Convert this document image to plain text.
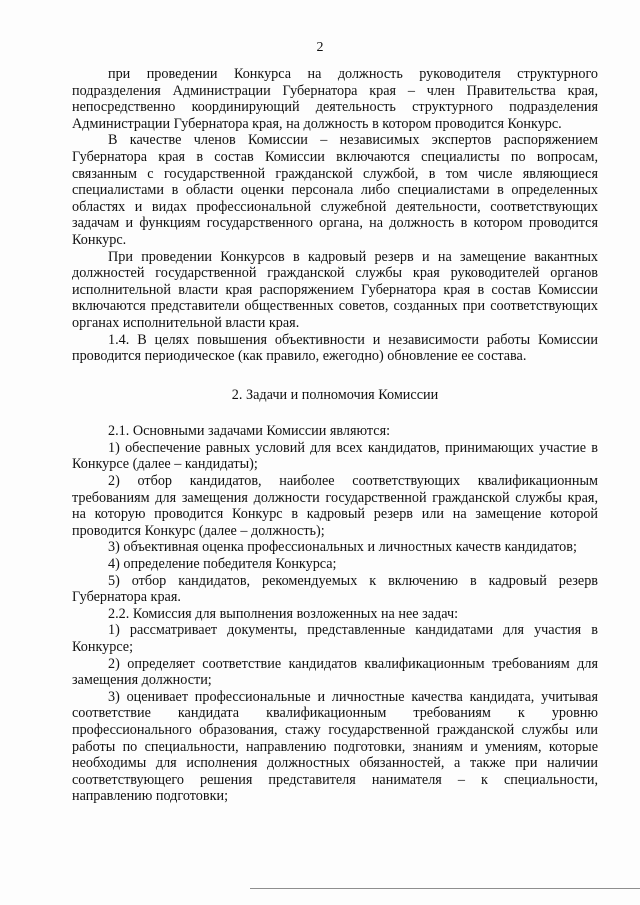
2

при проведении Конкурса на должность руководителя структурного подразделения Администрации Губернатора края – член Правительства края, непосредственно координирующий деятельность структурного подразделения Администрации Губернатора края, на должность в котором проводится Конкурс.

В качестве членов Комиссии – независимых экспертов распоряжением Губернатора края в состав Комиссии включаются специалисты по вопросам, связанным с государственной гражданской службой, в том числе являющиеся специалистами в области оценки персонала либо специалистами в определенных областях и видах профессиональной служебной деятельности, соответствующих задачам и функциям государственного органа, на должность в котором проводится Конкурс.

При проведении Конкурсов в кадровый резерв и на замещение вакантных должностей государственной гражданской службы края руководителей органов исполнительной власти края распоряжением Губернатора края в состав Комиссии включаются представители общественных советов, созданных при соответствующих органах исполнительной власти края.

1.4. В целях повышения объективности и независимости работы Комиссии проводится периодическое (как правило, ежегодно) обновление ее состава.

2. Задачи и полномочия Комиссии

2.1. Основными задачами Комиссии являются:

1) обеспечение равных условий для всех кандидатов, принимающих участие в Конкурсе (далее – кандидаты);

2) отбор кандидатов, наиболее соответствующих квалификационным требованиям для замещения должности государственной гражданской службы края, на которую проводится Конкурс в кадровый резерв или на замещение которой проводится Конкурс (далее – должность);

3) объективная оценка профессиональных и личностных качеств кандидатов;

4) определение победителя Конкурса;

5) отбор кандидатов, рекомендуемых к включению в кадровый резерв Губернатора края.

2.2. Комиссия для выполнения возложенных на нее задач:

1) рассматривает документы, представленные кандидатами для участия в Конкурсе;

2) определяет соответствие кандидатов квалификационным требованиям для замещения должности;

3) оценивает профессиональные и личностные качества кандидата, учитывая соответствие кандидата квалификационным требованиям к уровню профессионального образования, стажу государственной гражданской службы или работы по специальности, направлению подготовки, знаниям и умениям, которые необходимы для исполнения должностных обязанностей, а также при наличии соответствующего решения представителя нанимателя – к специальности, направлению подготовки;
